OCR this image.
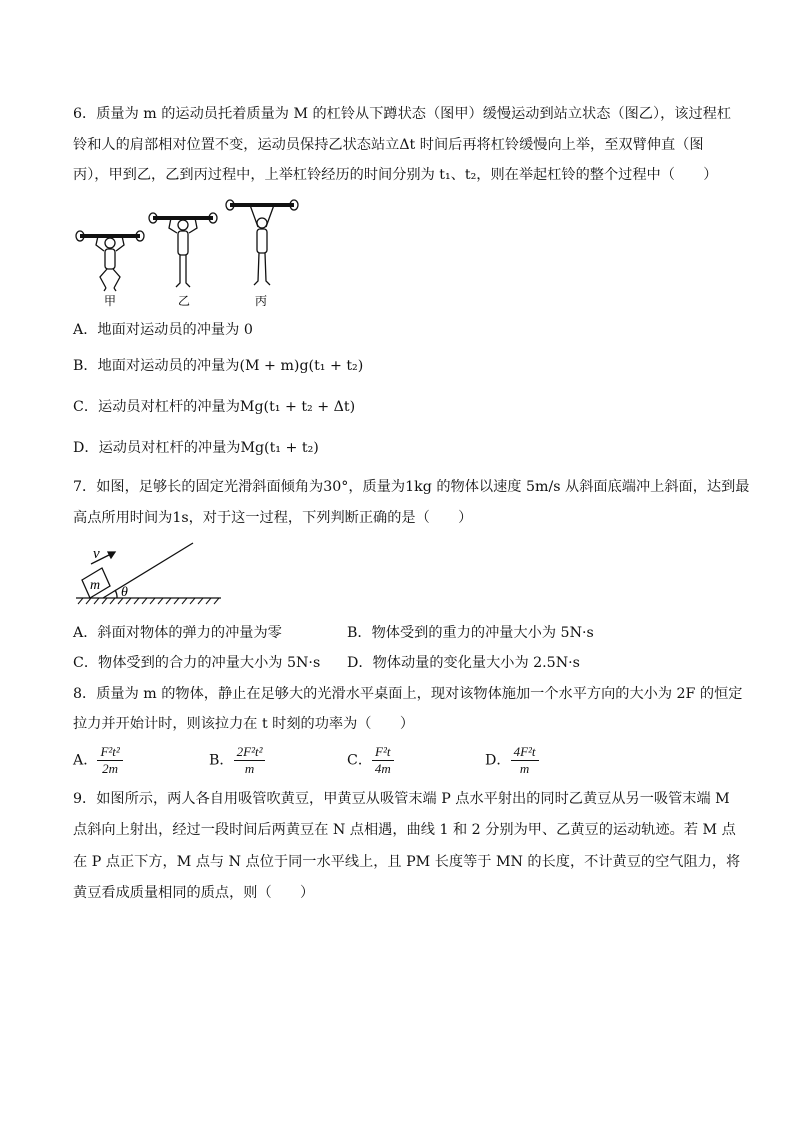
6．质量为 m 的运动员托着质量为 M 的杠铃从下蹲状态（图甲）缓慢运动到站立状态（图乙），该过程杠
铃和人的肩部相对位置不变，运动员保持乙状态站立Δt 时间后再将杠铃缓慢向上举，至双臂伸直（图
丙），甲到乙，乙到丙过程中，上举杠铃经历的时间分别为 t₁、t₂，则在举起杠铃的整个过程中（　　）
甲	乙	丙
A．地面对运动员的冲量为 0
B．地面对运动员的冲量为(M + m)g(t₁ + t₂)
C．运动员对杠杆的冲量为Mg(t₁ + t₂ + Δt)
D．运动员对杠杆的冲量为Mg(t₁ + t₂)
7．如图，足够长的固定光滑斜面倾角为30°，质量为1kg 的物体以速度 5m/s 从斜面底端冲上斜面，达到最
高点所用时间为1s，对于这一过程，下列判断正确的是（　　）
v
m θ
A．斜面对物体的弹力的冲量为零	B．物体受到的重力的冲量大小为 5N·s
C．物体受到的合力的冲量大小为 5N·s D．物体动量的变化量大小为 2.5N·s
8．质量为 m 的物体，静止在足够大的光滑水平桌面上，现对该物体施加一个水平方向的大小为 2F 的恒定
拉力并开始计时，则该拉力在 t 时刻的功率为（　　）
A． $\frac{\text{F²t²}}{2m}$	B． $\frac{\text{2F²t²}}{m}$	C． $\frac{\text{F²t}}{4m}$	D． $\frac{\text{4F²t}}{m}$
9．如图所示，两人各自用吸管吹黄豆，甲黄豆从吸管末端 P 点水平射出的同时乙黄豆从另一吸管末端 M
点斜向上射出，经过一段时间后两黄豆在 N 点相遇，曲线 1 和 2 分别为甲、乙黄豆的运动轨迹。若 M 点
在 P 点正下方，M 点与 N 点位于同一水平线上，且 PM 长度等于 MN 的长度，不计黄豆的空气阻力，将
黄豆看成质量相同的质点，则（　　）
